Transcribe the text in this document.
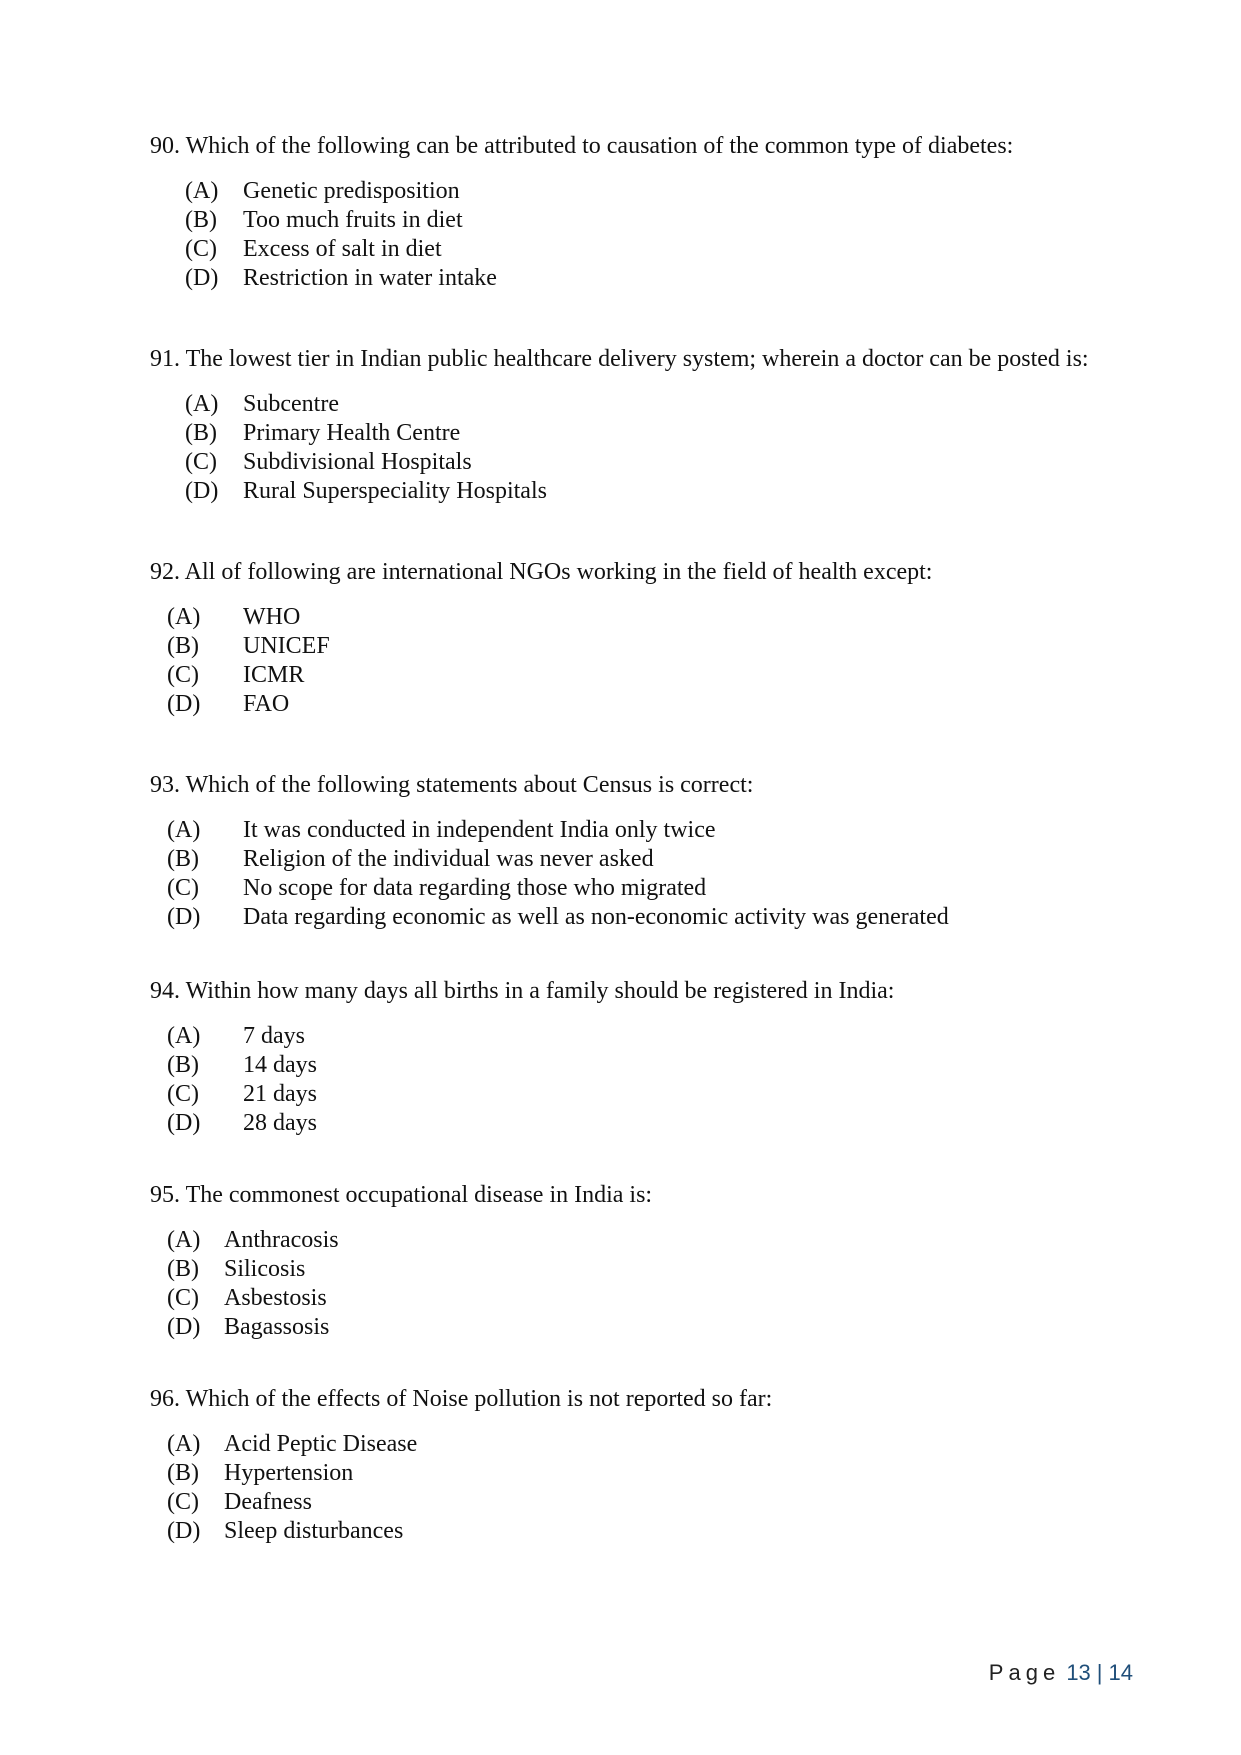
90. Which of the following can be attributed to causation of the common type of diabetes:
(A) Genetic predisposition
(B) Too much fruits in diet
(C) Excess of salt in diet
(D) Restriction in water intake
91. The lowest tier in Indian public healthcare delivery system; wherein a doctor can be posted is:
(A) Subcentre
(B) Primary Health Centre
(C) Subdivisional Hospitals
(D) Rural Superspeciality Hospitals
92. All of following are international NGOs working in the field of health except:
(A) WHO
(B) UNICEF
(C) ICMR
(D) FAO
93. Which of the following statements about Census is correct:
(A) It was conducted in independent India only twice
(B) Religion of the individual was never asked
(C) No scope for data regarding those who migrated
(D) Data regarding economic as well as non-economic activity was generated
94. Within how many days all births in a family should be registered in India:
(A) 7 days
(B) 14 days
(C) 21 days
(D) 28 days
95. The commonest occupational disease in India is:
(A) Anthracosis
(B) Silicosis
(C) Asbestosis
(D) Bagassosis
96. Which of the effects of Noise pollution is not reported so far:
(A) Acid Peptic Disease
(B) Hypertension
(C) Deafness
(D) Sleep disturbances
Page 13 | 14
